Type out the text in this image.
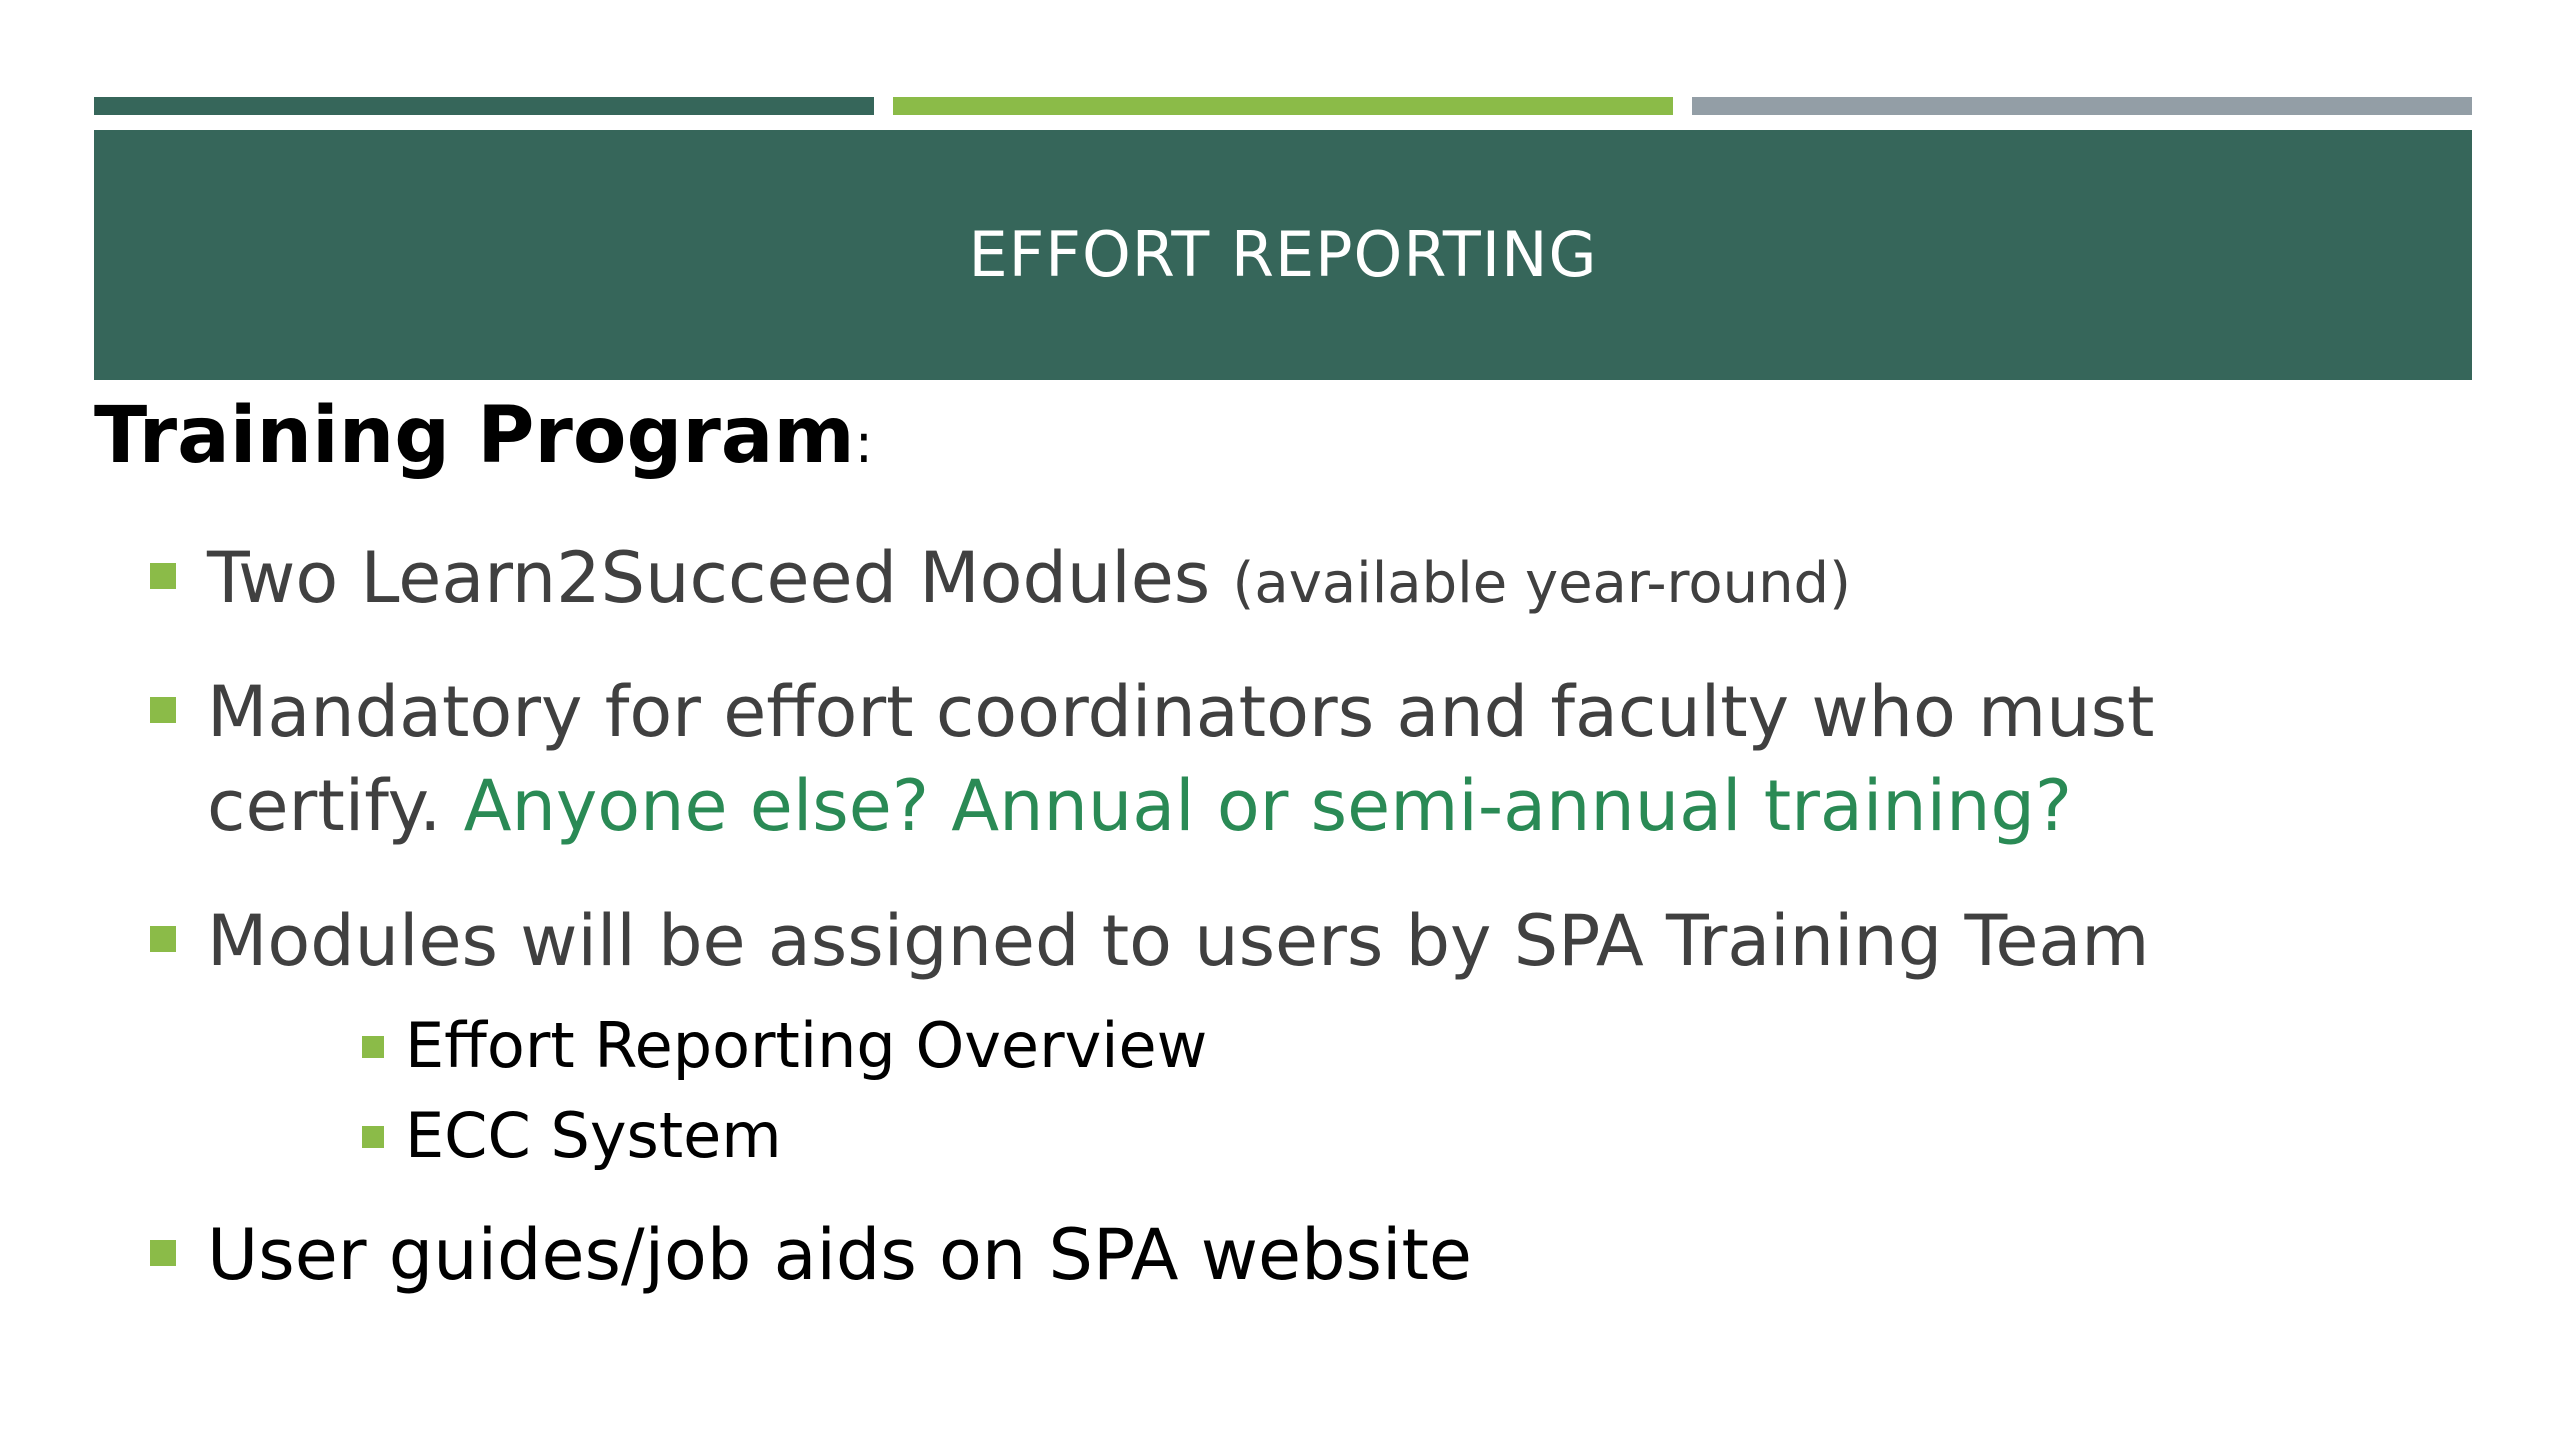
EFFORT REPORTING
Training Program:
Two Learn2Succeed Modules (available year-round)
Mandatory for effort coordinators and faculty who must
certify. Anyone else? Annual or semi-annual training?
Modules will be assigned to users by SPA Training Team
Effort Reporting Overview
ECC System
User guides/job aids on SPA website
